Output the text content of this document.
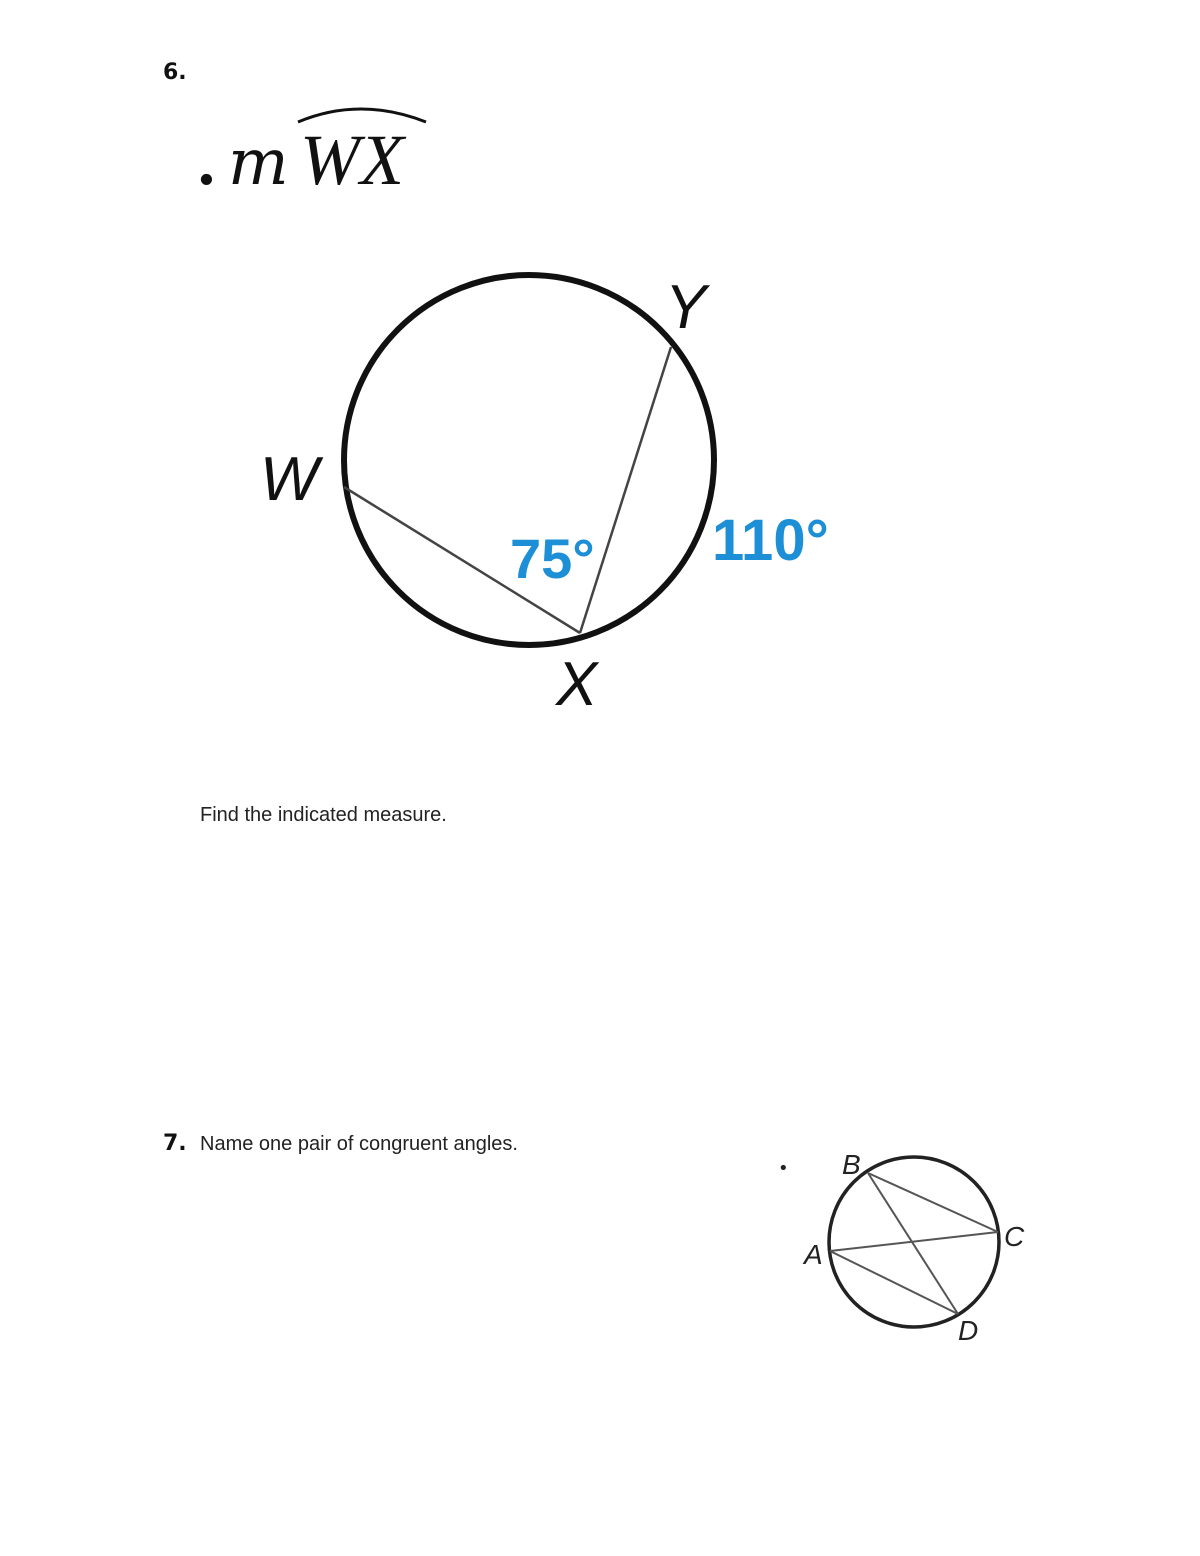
6.
. m WX
W
Y
X
75° 110°
Find the indicated measure.
7. Name one pair of congruent angles.
• B
C
A
D
